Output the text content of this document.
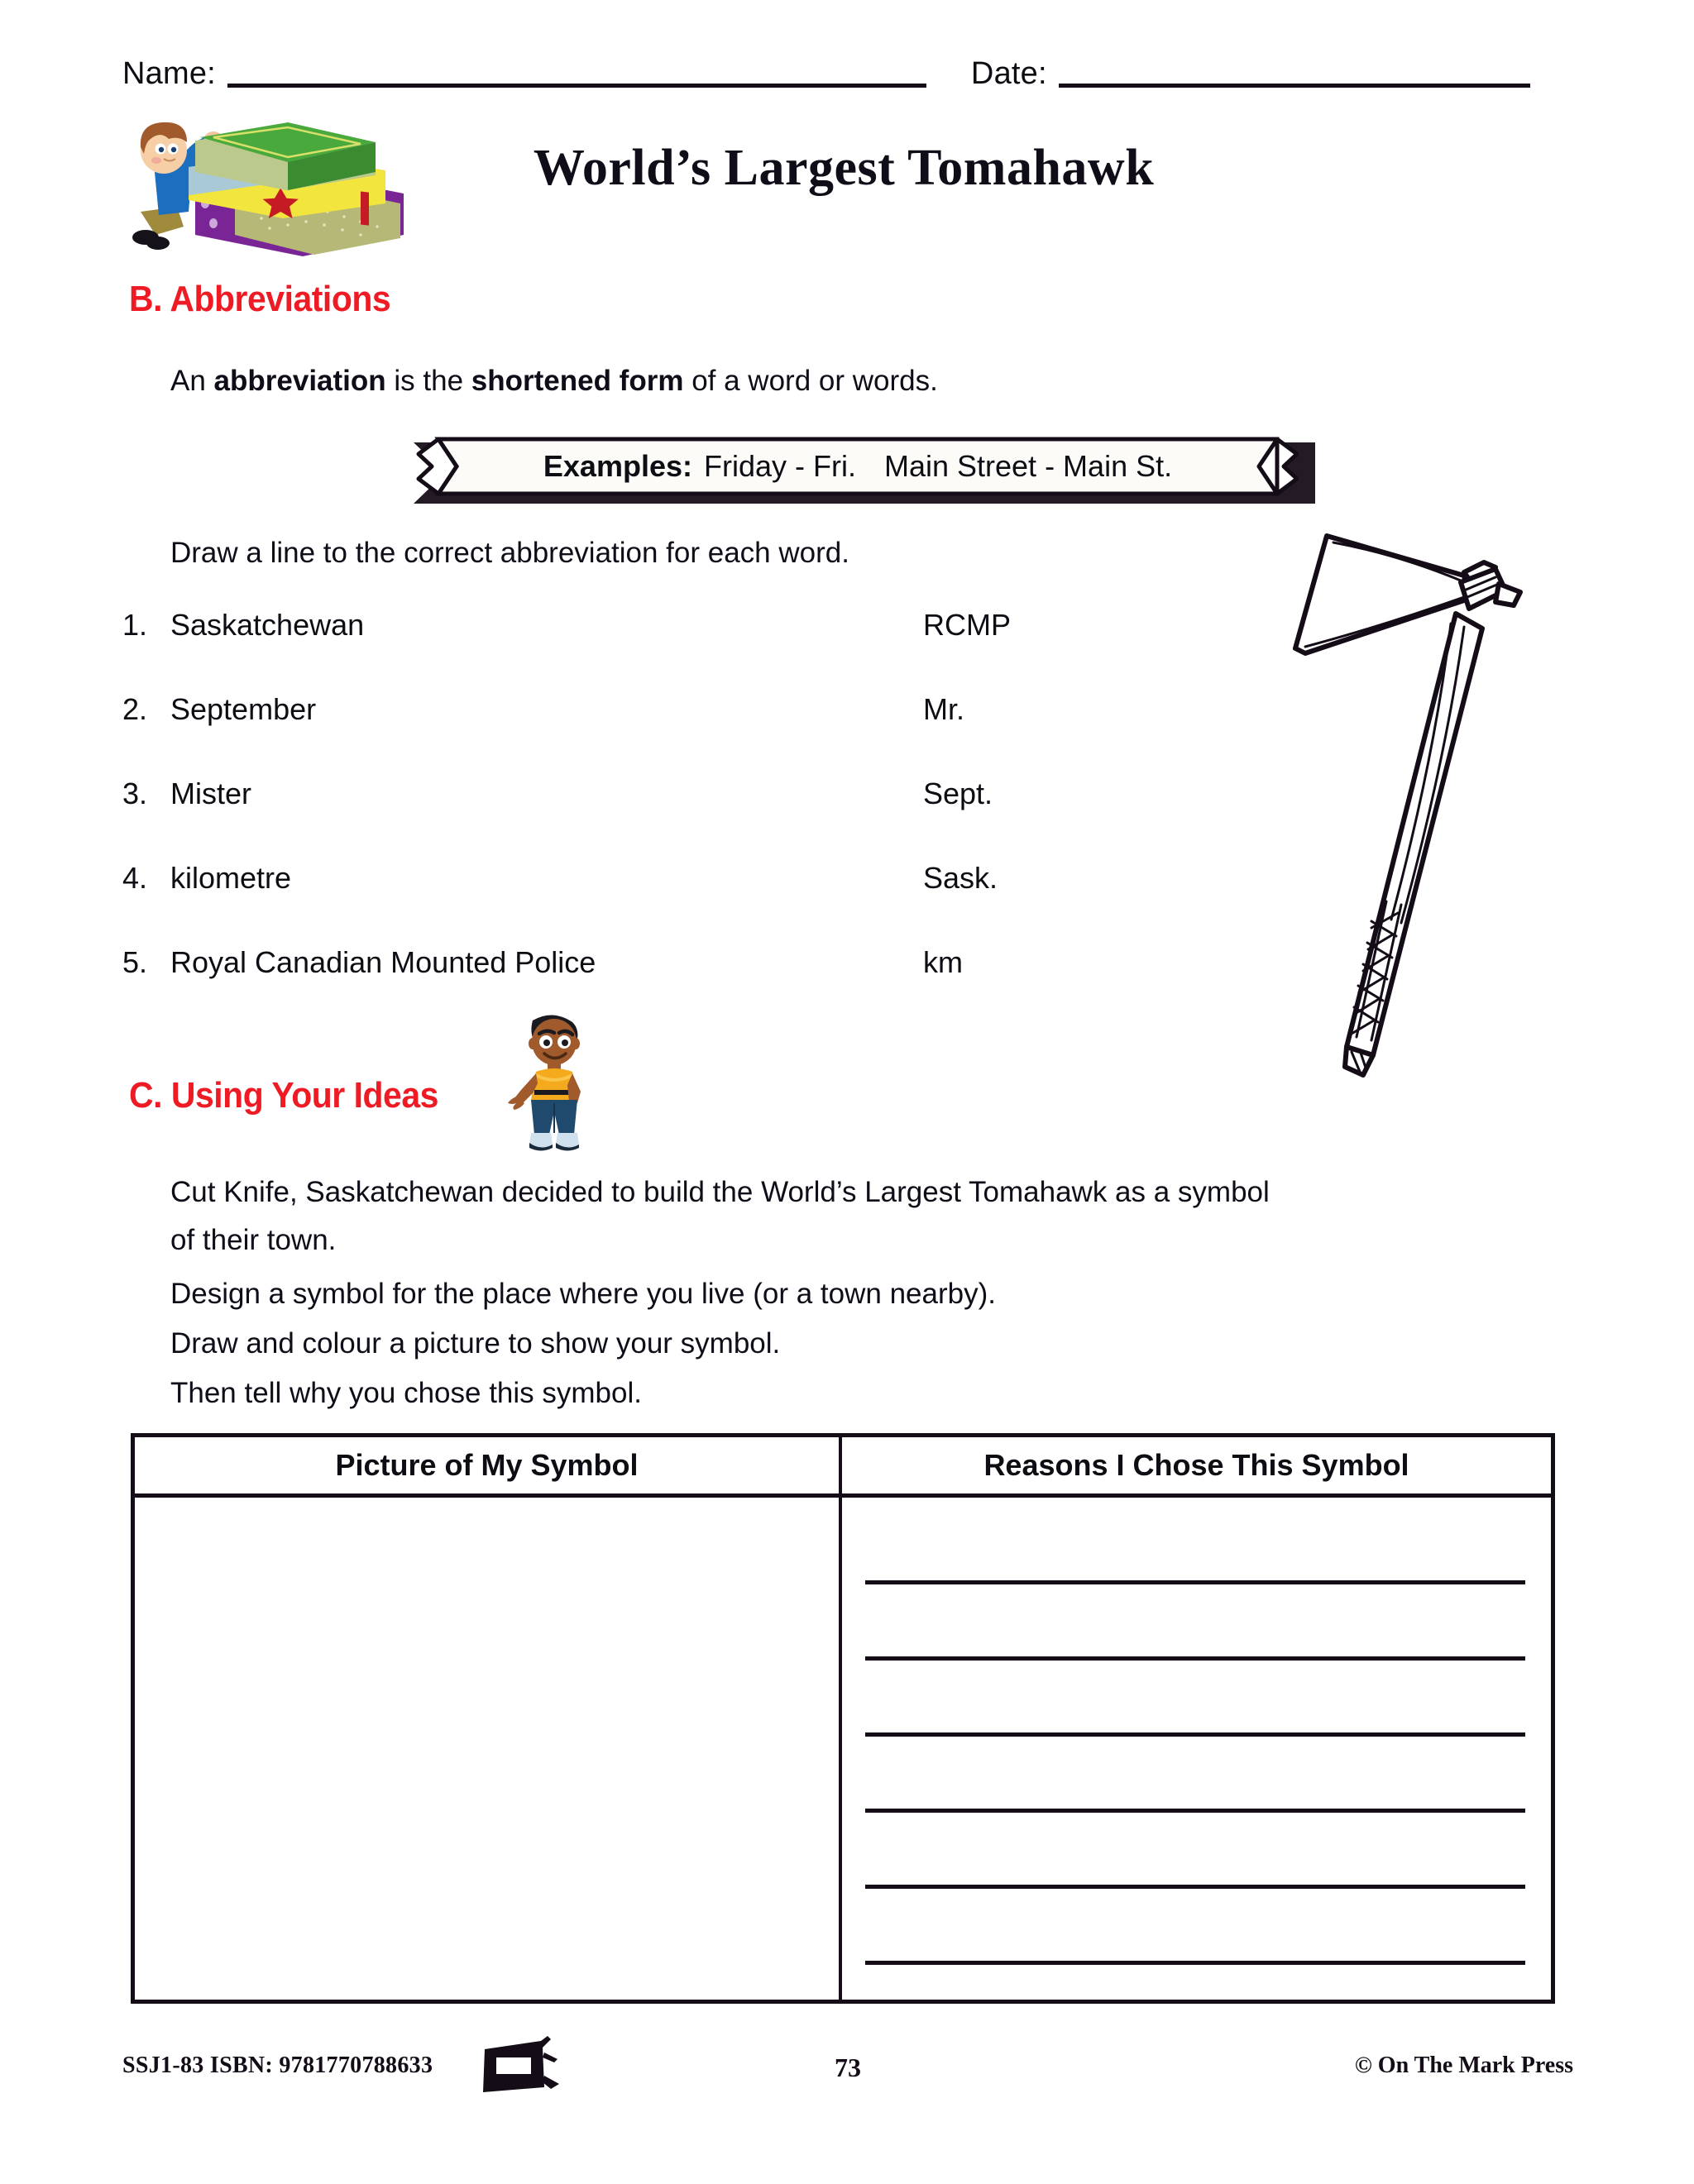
Name:	Date:
World’s Largest Tomahawk
B. Abbreviations
An abbreviation is the shortened form of a word or words.
Examples: Friday - Fri. Main Street - Main St.
Draw a line to the correct abbreviation for each word.
1. Saskatchewan	RCMP
2. September	Mr.
3. Mister	Sept.
4. kilometre	Sask.
5. Royal Canadian Mounted Police	km
C. Using Your Ideas
Cut Knife, Saskatchewan decided to build the World’s Largest Tomahawk as a symbol
of their town.
Design a symbol for the place where you live (or a town nearby).
Draw and colour a picture to show your symbol.
Then tell why you chose this symbol.
Picture of My Symbol	Reasons I Chose This Symbol
SSJ1-83 ISBN: 9781770788633	73	© On The Mark Press
